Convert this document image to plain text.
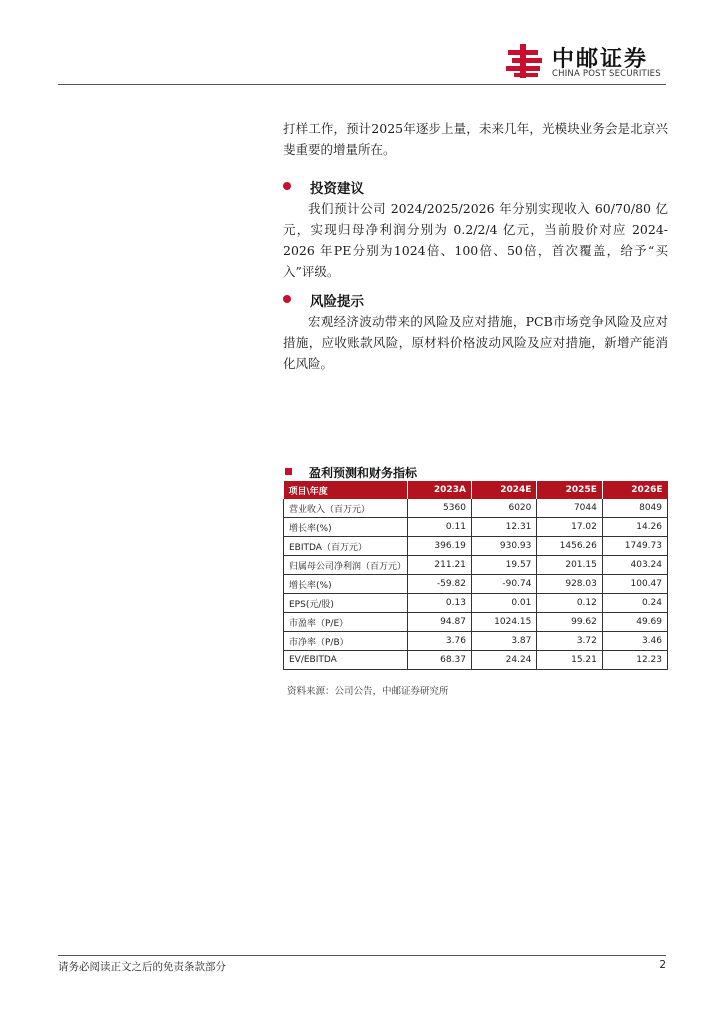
中邮证券
CHINA POST SECURITIES

打样工作，预计2025年逐步上量，未来几年，光模块业务会是北京兴斐重要的增量所在。

投资建议

我们预计公司 2024/2025/2026 年分别实现收入 60/70/80 亿元，实现归母净利润分别为 0.2/2/4 亿元，当前股价对应 2024-2026 年PE分别为1024倍、100倍、50倍，首次覆盖，给予“买入”评级。

风险提示

宏观经济波动带来的风险及应对措施，PCB市场竞争风险及应对措施，应收账款风险，原材料价格波动风险及应对措施，新增产能消化风险。

盈利预测和财务指标
项目\年度	2023A	2024E	2025E	2026E
营业收入（百万元）	5360	6020	7044	8049
增长率(%)	0.11	12.31	17.02	14.26
EBITDA（百万元）	396.19	930.93	1456.26	1749.73
归属母公司净利润（百万元）	211.21	19.57	201.15	403.24
增长率(%)	-59.82	-90.74	928.03	100.47
EPS(元/股)	0.13	0.01	0.12	0.24
市盈率（P/E）	94.87	1024.15	99.62	49.69
市净率（P/B）	3.76	3.87	3.72	3.46
EV/EBITDA	68.37	24.24	15.21	12.23
资料来源：公司公告，中邮证券研究所
请务必阅读正文之后的免责条款部分	2
